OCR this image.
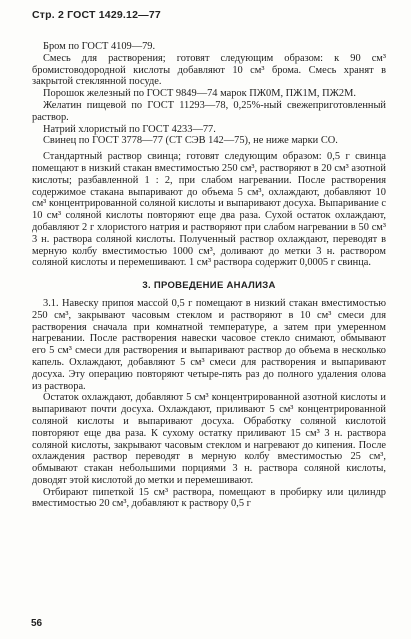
Стр. 2 ГОСТ 1429.12—77

Бром по ГОСТ 4109—79.

Смесь для растворения; готовят следующим образом: к 90 см³ бромистоводородной кислоты добавляют 10 см³ брома. Смесь хранят в закрытой стеклянной посуде.

Порошок железный по ГОСТ 9849—74 марок ПЖ0М, ПЖ1М, ПЖ2М.

Желатин пищевой по ГОСТ 11293—78, 0,25%-ный свежеприготовленный раствор.

Натрий хлористый по ГОСТ 4233—77.

Свинец по ГОСТ 3778—77 (СТ СЭВ 142—75), не ниже марки СО.

Стандартный раствор свинца; готовят следующим образом: 0,5 г свинца помещают в низкий стакан вместимостью 250 см³, растворяют в 20 см³ азотной кислоты; разбавленной 1 : 2, при слабом нагревании. После растворения содержимое стакана выпаривают до объема 5 см³, охлаждают, добавляют 10 см³ концентрированной соляной кислоты и выпаривают досуха. Выпаривание с 10 см³ соляной кислоты повторяют еще два раза. Сухой остаток охлаждают, добавляют 2 г хлористого натрия и растворяют при слабом нагревании в 50 см³ 3 н. раствора соляной кислоты. Полученный раствор охлаждают, переводят в мерную колбу вместимостью 1000 см³, доливают до метки 3 н. раствором соляной кислоты и перемешивают. 1 см³ раствора содержит 0,0005 г свинца.

3. ПРОВЕДЕНИЕ АНАЛИЗА

3.1. Навеску припоя массой 0,5 г помещают в низкий стакан вместимостью 250 см³, закрывают часовым стеклом и растворяют в 10 см³ смеси для растворения сначала при комнатной температуре, а затем при умеренном нагревании. После растворения навески часовое стекло снимают, обмывают его 5 см³ смеси для растворения и выпаривают раствор до объема в несколько капель. Охлаждают, добавляют 5 см³ смеси для растворения и выпаривают досуха. Эту операцию повторяют четыре-пять раз до полного удаления олова из раствора.

Остаток охлаждают, добавляют 5 см³ концентрированной азотной кислоты и выпаривают почти досуха. Охлаждают, приливают 5 см³ концентрированной соляной кислоты и выпаривают досуха. Обработку соляной кислотой повторяют еще два раза. К сухому остатку приливают 15 см³ 3 н. раствора соляной кислоты, закрывают часовым стеклом и нагревают до кипения. После охлаждения раствор переводят в мерную колбу вместимостью 25 см³, обмывают стакан небольшими порциями 3 н. раствора соляной кислоты, доводят этой кислотой до метки и перемешивают.

Отбирают пипеткой 15 см³ раствора, помещают в пробирку или цилиндр вместимостью 20 см³, добавляют к раствору 0,5 г

56
